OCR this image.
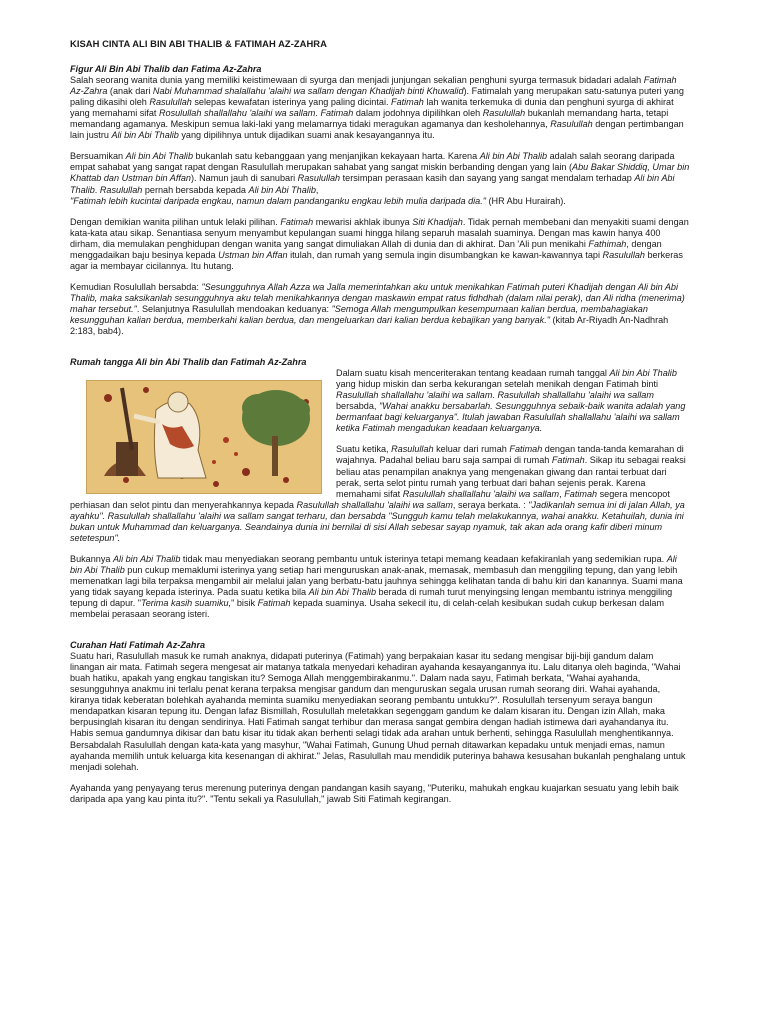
KISAH CINTA ALI BIN ABI THALIB & FATIMAH AZ-ZAHRA
Figur Ali Bin Abi Thalib dan Fatima Az-Zahra

Salah seorang wanita dunia yang memiliki keistimewaan di syurga dan menjadi junjungan sekalian penghuni syurga termasuk bidadari adalah Fatimah Az-Zahra (anak dari Nabi Muhammad shalallahu 'alaihi wa sallam dengan Khadijah binti Khuwalid). Fatimalah yang merupakan satu-satunya puteri yang paling dikasihi oleh Rasulullah selepas kewafatan isterinya yang paling dicintai. Fatimah lah wanita terkemuka di dunia dan penghuni syurga di akhirat yang memahami sifat Rosulullah shallallahu 'alaihi wa sallam. Fatimah dalam jodohnya dipilihkan oleh Rasulullah bukanlah memandang harta, tetapi memandang agamanya. Meskipun semua laki-laki yang melamarnya tidaki meragukan agamanya dan kesholehannya, Rasulullah dengan pertimbangan lain justru Ali bin Abi Thalib yang dipilihnya untuk dijadikan suami anak kesayangannya itu.

Bersuamikan Ali bin Abi Thalib bukanlah satu kebanggaan yang menjanjikan kekayaan harta. Karena Ali bin Abi Thalib adalah salah seorang daripada empat sahabat yang sangat rapat dengan Rasulullah merupakan sahabat yang sangat miskin berbanding dengan yang lain (Abu Bakar Shiddiq, Umar bin Khattab dan Ustman bin Affan). Namun jauh di sanubari Rasulullah tersimpan perasaan kasih dan sayang yang sangat mendalam terhadap Ali bin Abi Thalib. Rasulullah pernah bersabda kepada Ali bin Abi Thalib,
"Fatimah lebih kucintai daripada engkau, namun dalam pandanganku engkau lebih mulia daripada dia." (HR Abu Hurairah).

Dengan demikian wanita pilihan untuk lelaki pilihan. Fatimah mewarisi akhlak ibunya Siti Khadijah. Tidak pernah membebani dan menyakiti suami dengan kata-kata atau sikap. Senantiasa senyum menyambut kepulangan suami hingga hilang separuh masalah suaminya. Dengan mas kawin hanya 400 dirham, dia memulakan penghidupan dengan wanita yang sangat dimuliakan Allah di dunia dan di akhirat. Dan 'Ali pun menikahi Fathimah, dengan menggadaikan baju besinya kepada Ustman bin Affan itulah, dan rumah yang semula ingin disumbangkan ke kawan-kawannya tapi Rasulullah berkeras agar ia membayar cicilannya. Itu hutang.

Kemudian Rosulullah bersabda: "Sesungguhnya Allah Azza wa Jalla memerintahkan aku untuk menikahkan Fatimah puteri Khadijah dengan Ali bin Abi Thalib, maka saksikanlah sesungguhnya aku telah menikahkannya dengan maskawin empat ratus fidhdhah (dalam nilai perak), dan Ali ridha (menerima) mahar tersebut.". Selanjutnya Rasulullah mendoakan keduanya: "Semoga Allah mengumpulkan kesempurnaan kalian berdua, membahagiakan kesungguhan kalian berdua, memberkahi kalian berdua, dan mengeluarkan dari kalian berdua kebajikan yang banyak." (kitab Ar-Riyadh An-Nadhrah 2:183, bab4).

Rumah tangga Ali bin Abi Thalib dan Fatimah Az-Zahra

Dalam suatu kisah menceriterakan tentang keadaan rumah tanggal
Ali bin Abi Thalib yang hidup miskin dan serba kekurangan setelah menikah dengan Fatimah binti Rasulullah shallallahu 'alaihi wa sallam. Rasulullah shallallahu 'alaihi wa sallam bersabda, "Wahai anakku bersabarlah. Sesungguhnya sebaik-baik wanita adalah yang bermanfaat bagi keluarganya". Itulah jawaban Rasulullah shallallahu 'alaihi wa sallam ketika Fatimah mengadukan keadaan keluarganya.

Suatu ketika, Rasulullah keluar dari rumah Fatimah dengan tanda-tanda kemarahan di wajahnya. Padahal beliau baru saja sampai di rumah Fatimah. Sikap itu sebagai reaksi beliau atas penampilan anaknya yang mengenakan giwang dan rantai terbuat dari perak, serta selot pintu rumah yang terbuat dari bahan sejenis perak. Karena memahami sifat Rasulullah shallallahu 'alaihi wa sallam, Fatimah segera mencopot perhiasan dan selot pintu dan menyerahkannya kepada Rasulullah shallallahu 'alaihi wa sallam, seraya berkata. : "Jadikanlah semua ini di jalan Allah, ya ayahku". Rasulullah shallallahu 'alaihi wa sallam sangat terharu, dan bersabda "Sungguh kamu telah melakukannya, wahai anakku. Ketahuilah, dunia ini bukan untuk Muhammad dan keluarganya. Seandainya dunia ini bernilai di sisi Allah sebesar sayap nyamuk, tak akan ada orang kafir diberi minum setetespun".

Bukannya Ali bin Abi Thalib tidak mau menyediakan seorang pembantu untuk isterinya tetapi memang keadaan kefakiranlah yang sedemikian rupa. Ali bin Abi Thalib pun cukup memaklumi isterinya yang setiap hari menguruskan anak-anak, memasak, membasuh dan menggiling tepung, dan yang lebih memenatkan lagi bila terpaksa mengambil air melalui jalan yang berbatu-batu jauhnya sehingga kelihatan tanda di bahu kiri dan kanannya. Suami mana yang tidak sayang kepada isterinya. Pada suatu ketika bila Ali bin Abi Thalib berada di rumah turut menyingsing lengan membantu istrinya menggiling tepung di dapur. "Terima kasih suamiku," bisik Fatimah kepada suaminya. Usaha sekecil itu, di celah-celah kesibukan sudah cukup berkesan dalam membelai perasaan seorang isteri.

Curahan Hati Fatimah Az-Zahra

Suatu hari, Rasulullah masuk ke rumah anaknya, didapati puterinya (Fatimah) yang berpakaian kasar itu sedang mengisar biji-biji gandum dalam linangan air mata. Fatimah segera mengesat air matanya tatkala menyedari kehadiran ayahanda kesayangannya itu. Lalu ditanya oleh baginda, "Wahai buah hatiku, apakah yang engkau tangiskan itu? Semoga Allah menggembirakanmu.". Dalam nada sayu, Fatimah berkata, "Wahai ayahanda, sesungguhnya anakmu ini terlalu penat kerana terpaksa mengisar gandum dan menguruskan segala urusan rumah seorang diri. Wahai ayahanda, kiranya tidak keberatan bolehkah ayahanda meminta suamiku menyediakan seorang pembantu untukku?". Rosulullah tersenyum seraya bangun mendapatkan kisaran tepung itu. Dengan lafaz Bismillah, Rosulullah meletakkan segenggam gandum ke dalam kisaran itu. Dengan izin Allah, maka berpusinglah kisaran itu dengan sendirinya. Hati Fatimah sangat terhibur dan merasa sangat gembira dengan hadiah istimewa dari ayahandanya itu. Habis semua gandumnya dikisar dan batu kisar itu tidak akan berhenti selagi tidak ada arahan untuk berhenti, sehingga Rasulullah menghentikannya. Bersabdalah Rasulullah dengan kata-kata yang masyhur, "Wahai Fatimah, Gunung Uhud pernah ditawarkan kepadaku untuk menjadi emas, namun ayahanda memilih untuk keluarga kita kesenangan di akhirat." Jelas, Rasulullah mau mendidik puterinya bahawa kesusahan bukanlah penghalang untuk menjadi solehah.

Ayahanda yang penyayang terus merenung puterinya dengan pandangan kasih sayang, "Puteriku, mahukah engkau kuajarkan sesuatu yang lebih baik daripada apa yang kau pinta itu?". "Tentu sekali ya Rasulullah," jawab Siti Fatimah kegirangan.
